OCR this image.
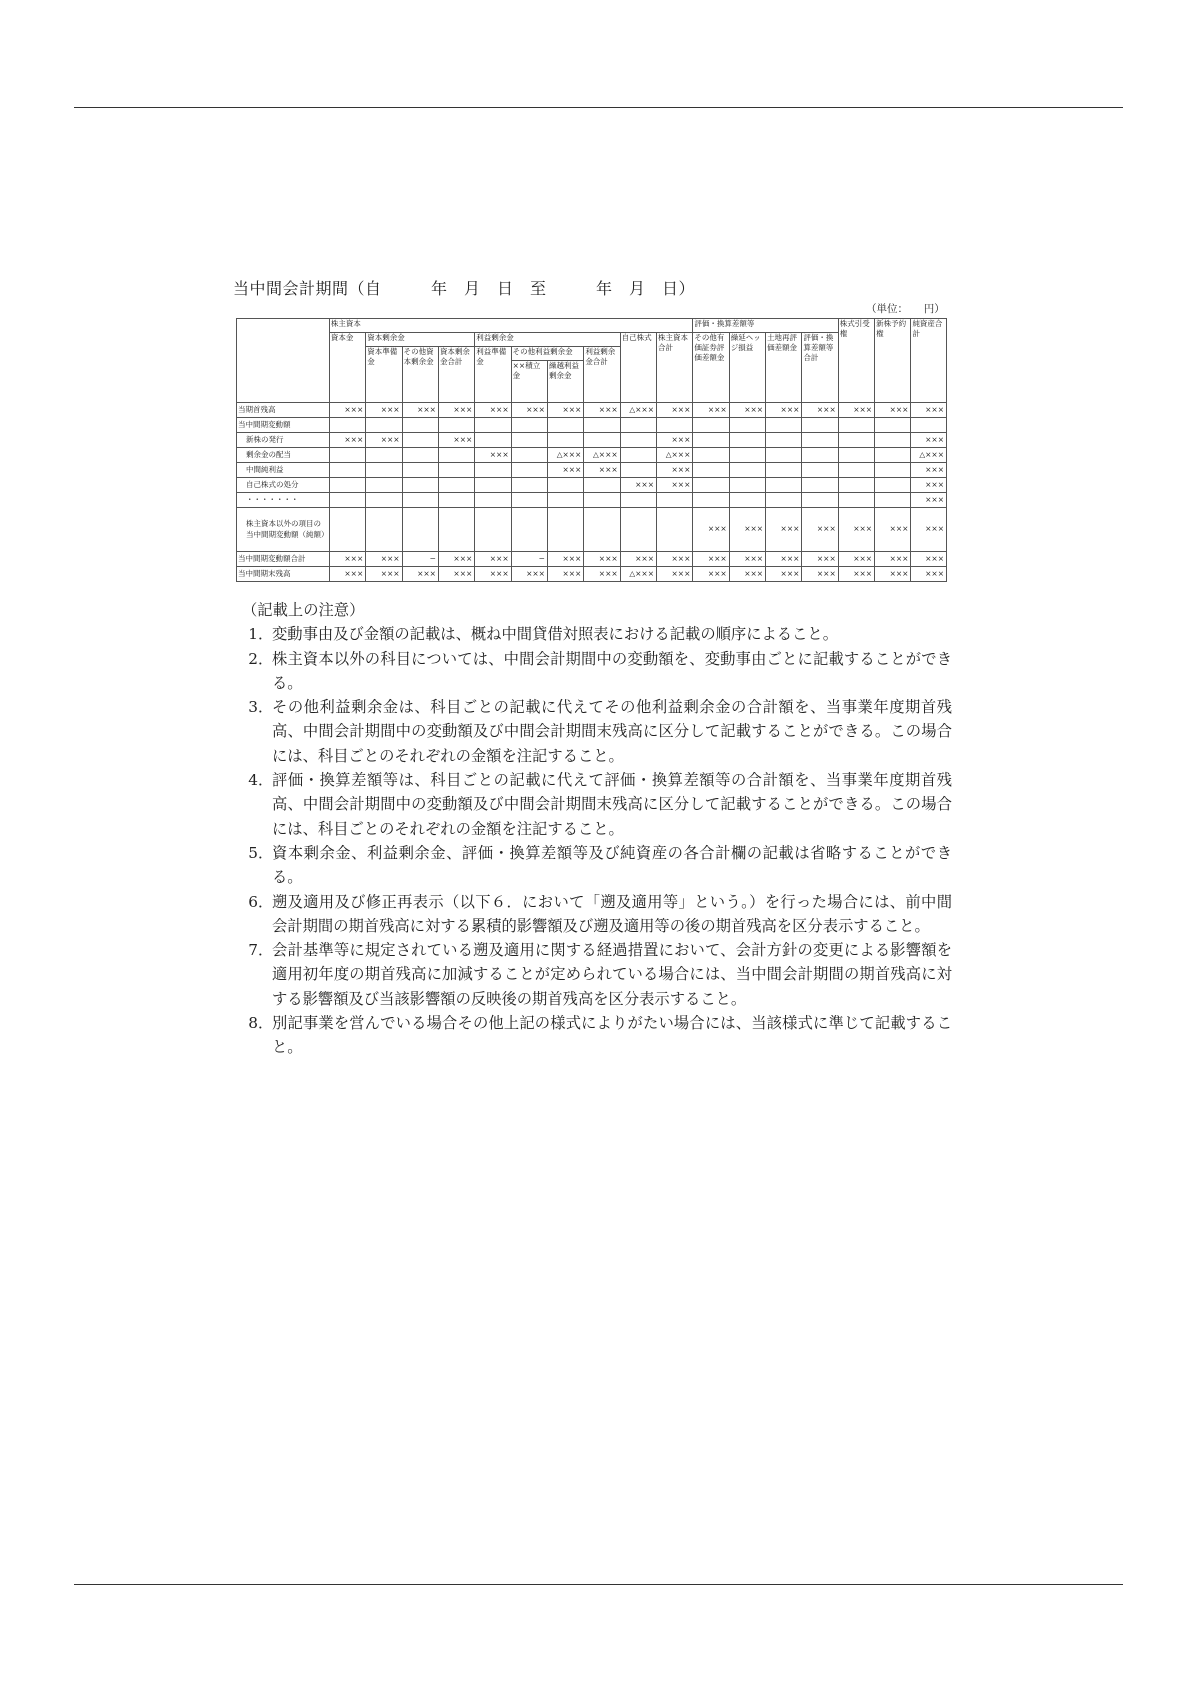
当中間会計期間（自　　　年　月　日　至　　　年　月　日）
（単位：　　円）
	株主資本										評価・換算差額等				株式引受権	新株予約権	純資産合計
	資本金	資本剰余金			利益剰余金				自己株式	株主資本合計	その他有価証券評価差額金	繰延ヘッジ損益	土地再評価差額金	評価・換算差額等合計			
		資本準備金	その他資本剰余金	資本剰余金合計	利益準備金	その他利益剰余金		利益剰余金合計									
						××積立金	繰越利益剰余金										
当期首残高	×××	×××	×××	×××	×××	×××	×××	×××	△×××	×××	×××	×××	×××	×××	×××	×××	×××
当中間期変動額																	
新株の発行	×××	×××		×××						×××							×××
剰余金の配当					×××		△×××	△×××		△×××							△×××
中間純利益							×××	×××		×××							×××
自己株式の処分									×××	×××							×××
・・・・・・・																	×××
株主資本以外の項目の当中間期変動額（純額）											×××	×××	×××	×××	×××	×××	×××
当中間期変動額合計	×××	×××	−	×××	×××	−	×××	×××	×××	×××	×××	×××	×××	×××	×××	×××	×××
当中間期末残高	×××	×××	×××	×××	×××	×××	×××	×××	△×××	×××	×××	×××	×××	×××	×××	×××	×××

（記載上の注意）

1 ．
変動事由及び金額の記載は、概ね中間貸借対照表における記載の順序によること。
2 ．
株主資本以外の科目については、中間会計期間中の変動額を、変動事由ごとに記載することができる。
3 ．
その他利益剰余金は、科目ごとの記載に代えてその他利益剰余金の合計額を、当事業年度期首残高、中間会計期間中の変動額及び中間会計期間末残高に区分して記載することができる。この場合には、科目ごとのそれぞれの金額を注記すること。
4 ．
評価・換算差額等は、科目ごとの記載に代えて評価・換算差額等の合計額を、当事業年度期首残高、中間会計期間中の変動額及び中間会計期間末残高に区分して記載することができる。この場合には、科目ごとのそれぞれの金額を注記すること。
5 ．
資本剰余金、利益剰余金、評価・換算差額等及び純資産の各合計欄の記載は省略することができる。
6 ．
遡及適用及び修正再表示（以下６．において「遡及適用等」という。）を行った場合には、前中間会計期間の期首残高に対する累積的影響額及び遡及適用等の後の期首残高を区分表示すること。
7 ．
会計基準等に規定されている遡及適用に関する経過措置において、会計方針の変更による影響額を適用初年度の期首残高に加減することが定められている場合には、当中間会計期間の期首残高に対する影響額及び当該影響額の反映後の期首残高を区分表示すること。
8 ．
別記事業を営んでいる場合その他上記の様式によりがたい場合には、当該様式に準じて記載すること。
